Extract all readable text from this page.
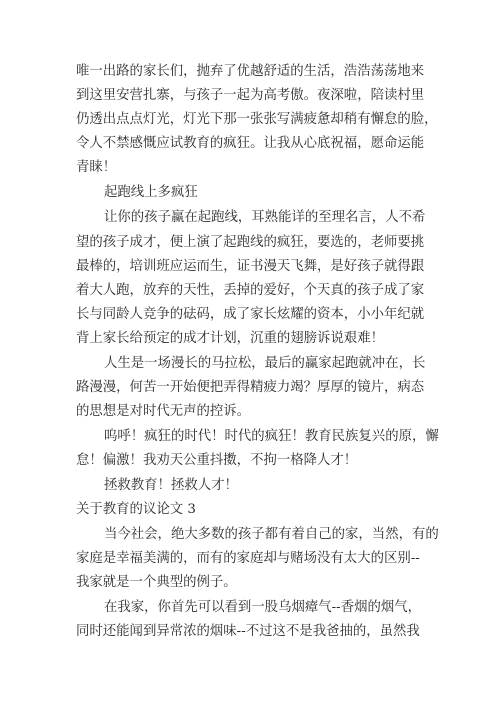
唯一出路的家长们，抛弃了优越舒适的生活，浩浩荡荡地来
到这里安营扎寨，与孩子一起为高考傲。夜深啦，陪读村里
仍透出点点灯光，灯光下那一张张写满疲惫却稍有懈怠的脸，
令人不禁感慨应试教育的疯狂。让我从心底祝福，愿命运能
青睐！
起跑线上多疯狂
让你的孩子赢在起跑线，耳熟能详的至理名言，人不希
望的孩子成才，便上演了起跑线的疯狂，要选的，老师要挑
最棒的，培训班应运而生，证书漫天飞舞，是好孩子就得跟
着大人跑，放弃的天性，丢掉的爱好，个天真的孩子成了家
长与同龄人竞争的砝码，成了家长炫耀的资本，小小年纪就
背上家长给预定的成才计划，沉重的翅膀诉说艰难！
人生是一场漫长的马拉松，最后的赢家起跑就冲在，长
路漫漫，何苦一开始便把弄得精疲力竭？厚厚的镜片，病态
的思想是对时代无声的控诉。
呜呼！疯狂的时代！时代的疯狂！教育民族复兴的原，懈
怠！偏激！我劝天公重抖擞，不拘一格降人才！
拯救教育！拯救人才！
关于教育的议论文 3
当今社会，绝大多数的孩子都有着自己的家，当然，有的
家庭是幸福美满的，而有的家庭却与赌场没有太大的区别--
我家就是一个典型的例子。
在我家，你首先可以看到一股乌烟瘴气--香烟的烟气，
同时还能闻到异常浓的烟味--不过这不是我爸抽的，虽然我
